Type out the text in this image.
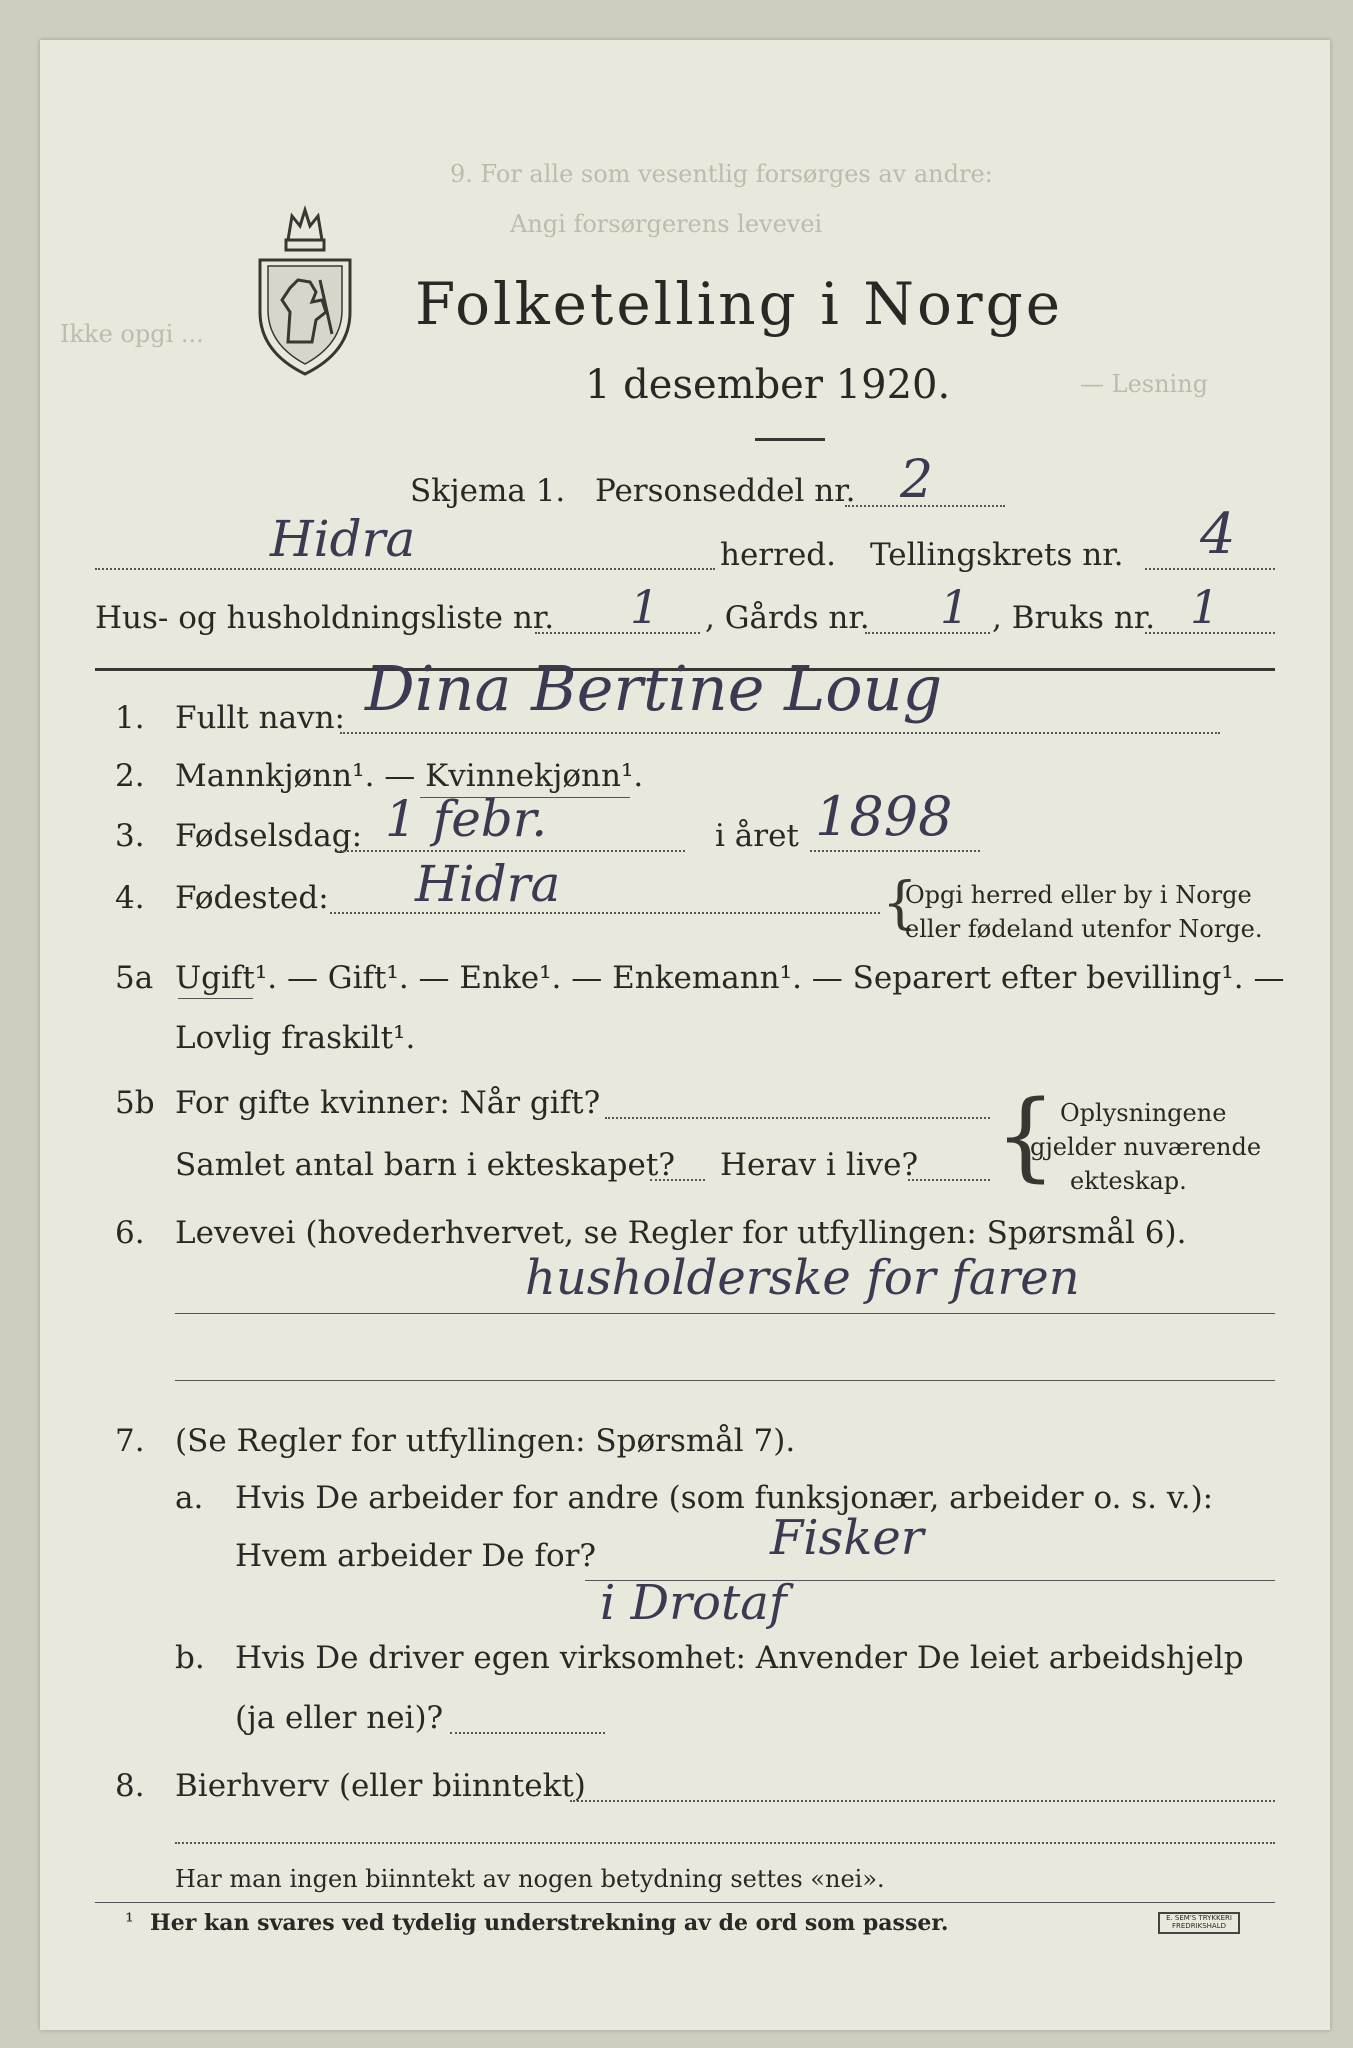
9. For alle som vesentlig forsørges av andre:
Angi forsørgerens levevei
Ikke opgi ...
— Lesning
Folketelling i Norge
1 desember 1920.
Skjema 1. Personseddel nr. 2
Hidra	herred. Tellingskrets nr. 4
Hus- og husholdningsliste nr. 1 , Gårds nr. 1 , Bruks nr. 1
1. Fullt navn: Dina Bertine Loug
2. Mannkjønn¹. — Kvinnekjønn¹.
3. Fødselsdag: 1 febr.	i året 1898
4. Fødested: Hidra	{
Opgi herred eller by i Norge
eller fødeland utenfor Norge.
5a Ugift¹. — Gift¹. — Enke¹. — Enkemann¹. — Separert efter bevilling¹. —
Lovlig fraskilt¹.
5b For gifte kvinner: Når gift?
Samlet antal barn i ekteskapet? Herav i live? { Oplysningene
gjelder nuværende
ekteskap.
6. Levevei (hovederhvervet, se Regler for utfyllingen: Spørsmål 6).
husholderske for faren
7. (Se Regler for utfyllingen: Spørsmål 7).
a. Hvis De arbeider for andre (som funksjonær, arbeider o. s. v.):
Hvem arbeider De for?	Fisker
i Drotaf
b. Hvis De driver egen virksomhet: Anvender De leiet arbeidshjelp
(ja eller nei)?
8. Bierhverv (eller biinntekt)
Har man ingen biinntekt av nogen betydning settes «nei».
¹ Her kan svares ved tydelig understrekning av de ord som passer.	E. SEM'S TRYKKERI
FREDRIKSHALD
